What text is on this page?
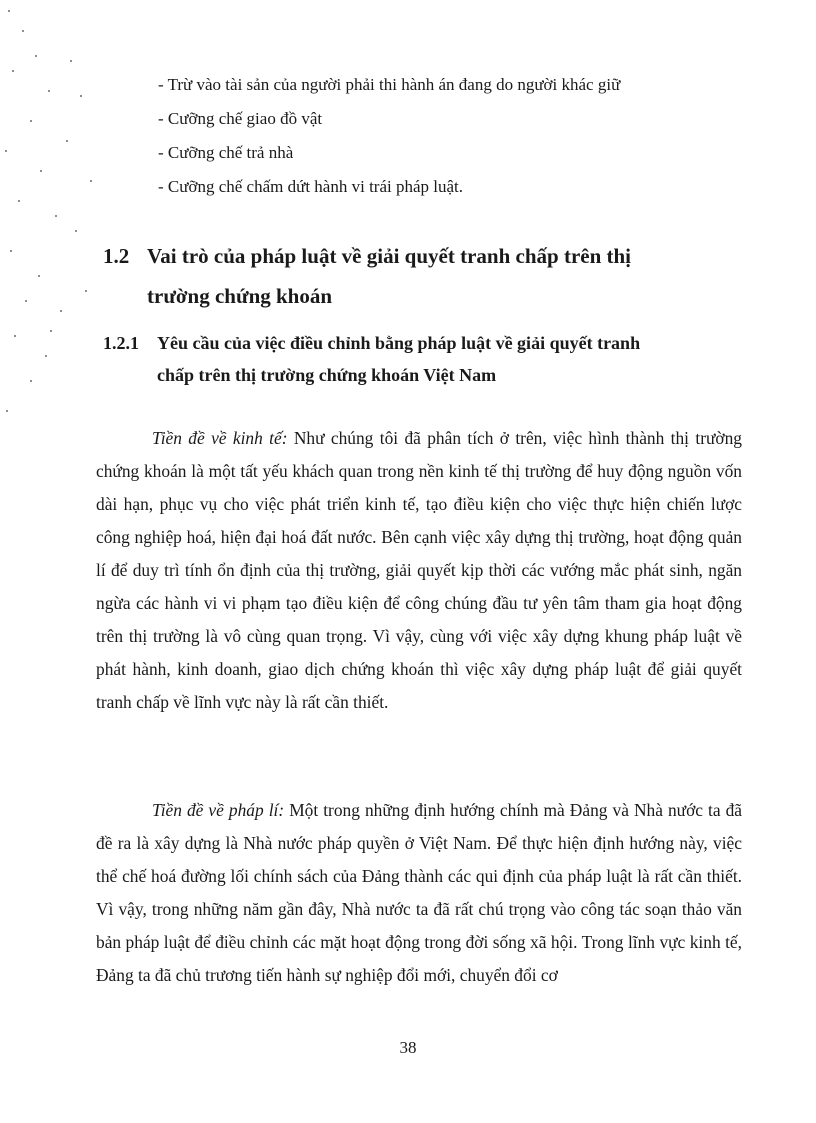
- Trừ vào tài sản của người phải thi hành án đang do người khác giữ
- Cưỡng chế giao đồ vật
- Cưỡng chế trả nhà
- Cưỡng chế chấm dứt hành vi trái pháp luật.
1.2 Vai trò của pháp luật về giải quyết tranh chấp trên thị
trường chứng khoán
1.2.1 Yêu cầu của việc điều chỉnh bằng pháp luật về giải quyết tranh
chấp trên thị trường chứng khoán Việt Nam
Tiền đề về kinh tế: Như chúng tôi đã phân tích ở trên, việc hình thành thị trường chứng khoán là một tất yếu khách quan trong nền kinh tế thị trường để huy động nguồn vốn dài hạn, phục vụ cho việc phát triển kinh tế, tạo điều kiện cho việc thực hiện chiến lược công nghiệp hoá, hiện đại hoá đất nước. Bên cạnh việc xây dựng thị trường, hoạt động quản lí để duy trì tính ổn định của thị trường, giải quyết kịp thời các vướng mắc phát sinh, ngăn ngừa các hành vi vi phạm tạo điều kiện để công chúng đầu tư yên tâm tham gia hoạt động trên thị trường là vô cùng quan trọng. Vì vậy, cùng với việc xây dựng khung pháp luật về phát hành, kinh doanh, giao dịch chứng khoán thì việc xây dựng pháp luật để giải quyết tranh chấp về lĩnh vực này là rất cần thiết.
Tiền đề về pháp lí: Một trong những định hướng chính mà Đảng và Nhà nước ta đã đề ra là xây dựng là Nhà nước pháp quyền ở Việt Nam. Để thực hiện định hướng này, việc thể chế hoá đường lối chính sách của Đảng thành các qui định của pháp luật là rất cần thiết. Vì vậy, trong những năm gần đây, Nhà nước ta đã rất chú trọng vào công tác soạn thảo văn bản pháp luật để điều chỉnh các mặt hoạt động trong đời sống xã hội. Trong lĩnh vực kinh tế, Đảng ta đã chủ trương tiến hành sự nghiệp đổi mới, chuyển đổi cơ
38
